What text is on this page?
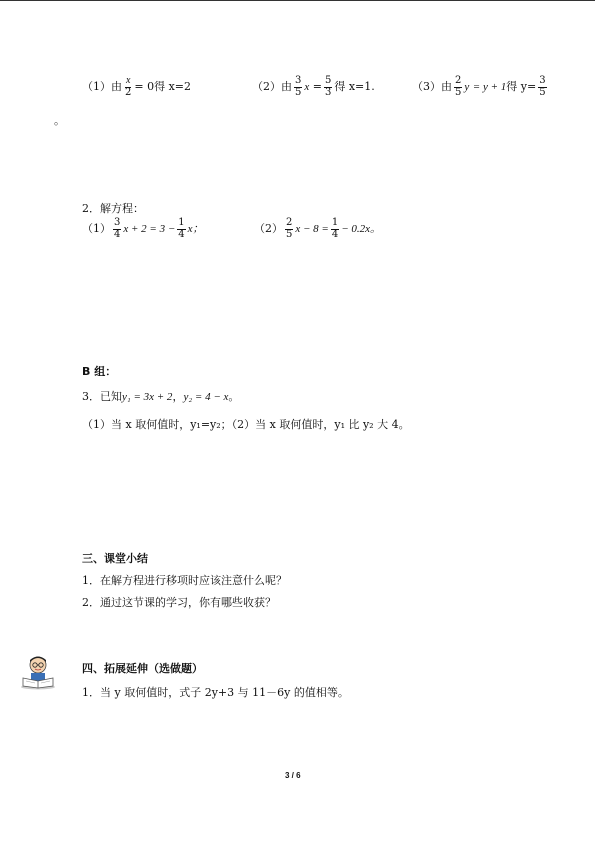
（1）由 $\frac{x}{2} = 0$得 x=2	（2）由 $\frac{3}{5}$ $x = \frac{5}{3}$ 得 x=1.	（3）由 $\frac{2}{5}$ y = y + 1得 $y= \frac{3}{5}$
。
2．解方程：
$(1) \frac{3}{4}$ $x + 2 = 3 - \frac{1}{4}$ x；	$(2) \frac{2}{5}$ $x - 8 = \frac{1}{4} - 0.2x$。
B 组：
3．已知y₁ = 3x + 2，y₂ = 4 − x。
（1）当 x 取何值时，y₁=y₂；（2）当 x 取何值时，y₁ 比 y₂ 大 4。
三、课堂小结
1．在解方程进行移项时应该注意什么呢？
2．通过这节课的学习，你有哪些收获？
四、拓展延伸（选做题）
1．当 y 取何值时，式子 2y+3 与 11－6y 的值相等。
3 / 6
